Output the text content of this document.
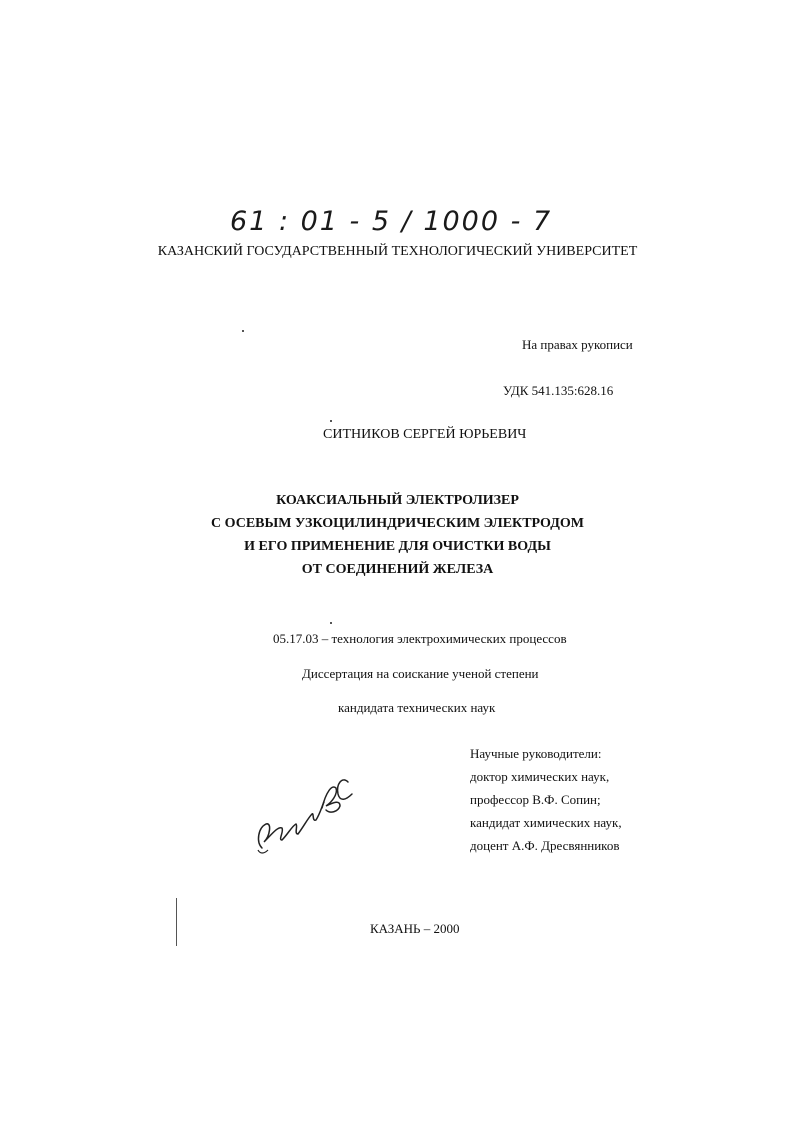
61 : 01 - 5 / 1000 - 7
КАЗАНСКИЙ ГОСУДАРСТВЕННЫЙ ТЕХНОЛОГИЧЕСКИЙ УНИВЕРСИТЕТ
На правах рукописи
УДК 541.135:628.16
СИТНИКОВ СЕРГЕЙ ЮРЬЕВИЧ
КОАКСИАЛЬНЫЙ ЭЛЕКТРОЛИЗЕР
С ОСЕВЫМ УЗКОЦИЛИНДРИЧЕСКИМ ЭЛЕКТРОДОМ
И ЕГО ПРИМЕНЕНИЕ ДЛЯ ОЧИСТКИ ВОДЫ
ОТ СОЕДИНЕНИЙ ЖЕЛЕЗА
05.17.03 – технология электрохимических процессов
Диссертация на соискание ученой степени
кандидата технических наук
Научные руководители:
доктор химических наук,
профессор В.Ф. Сопин;
кандидат химических наук,
доцент А.Ф. Дресвянников
КАЗАНЬ – 2000
